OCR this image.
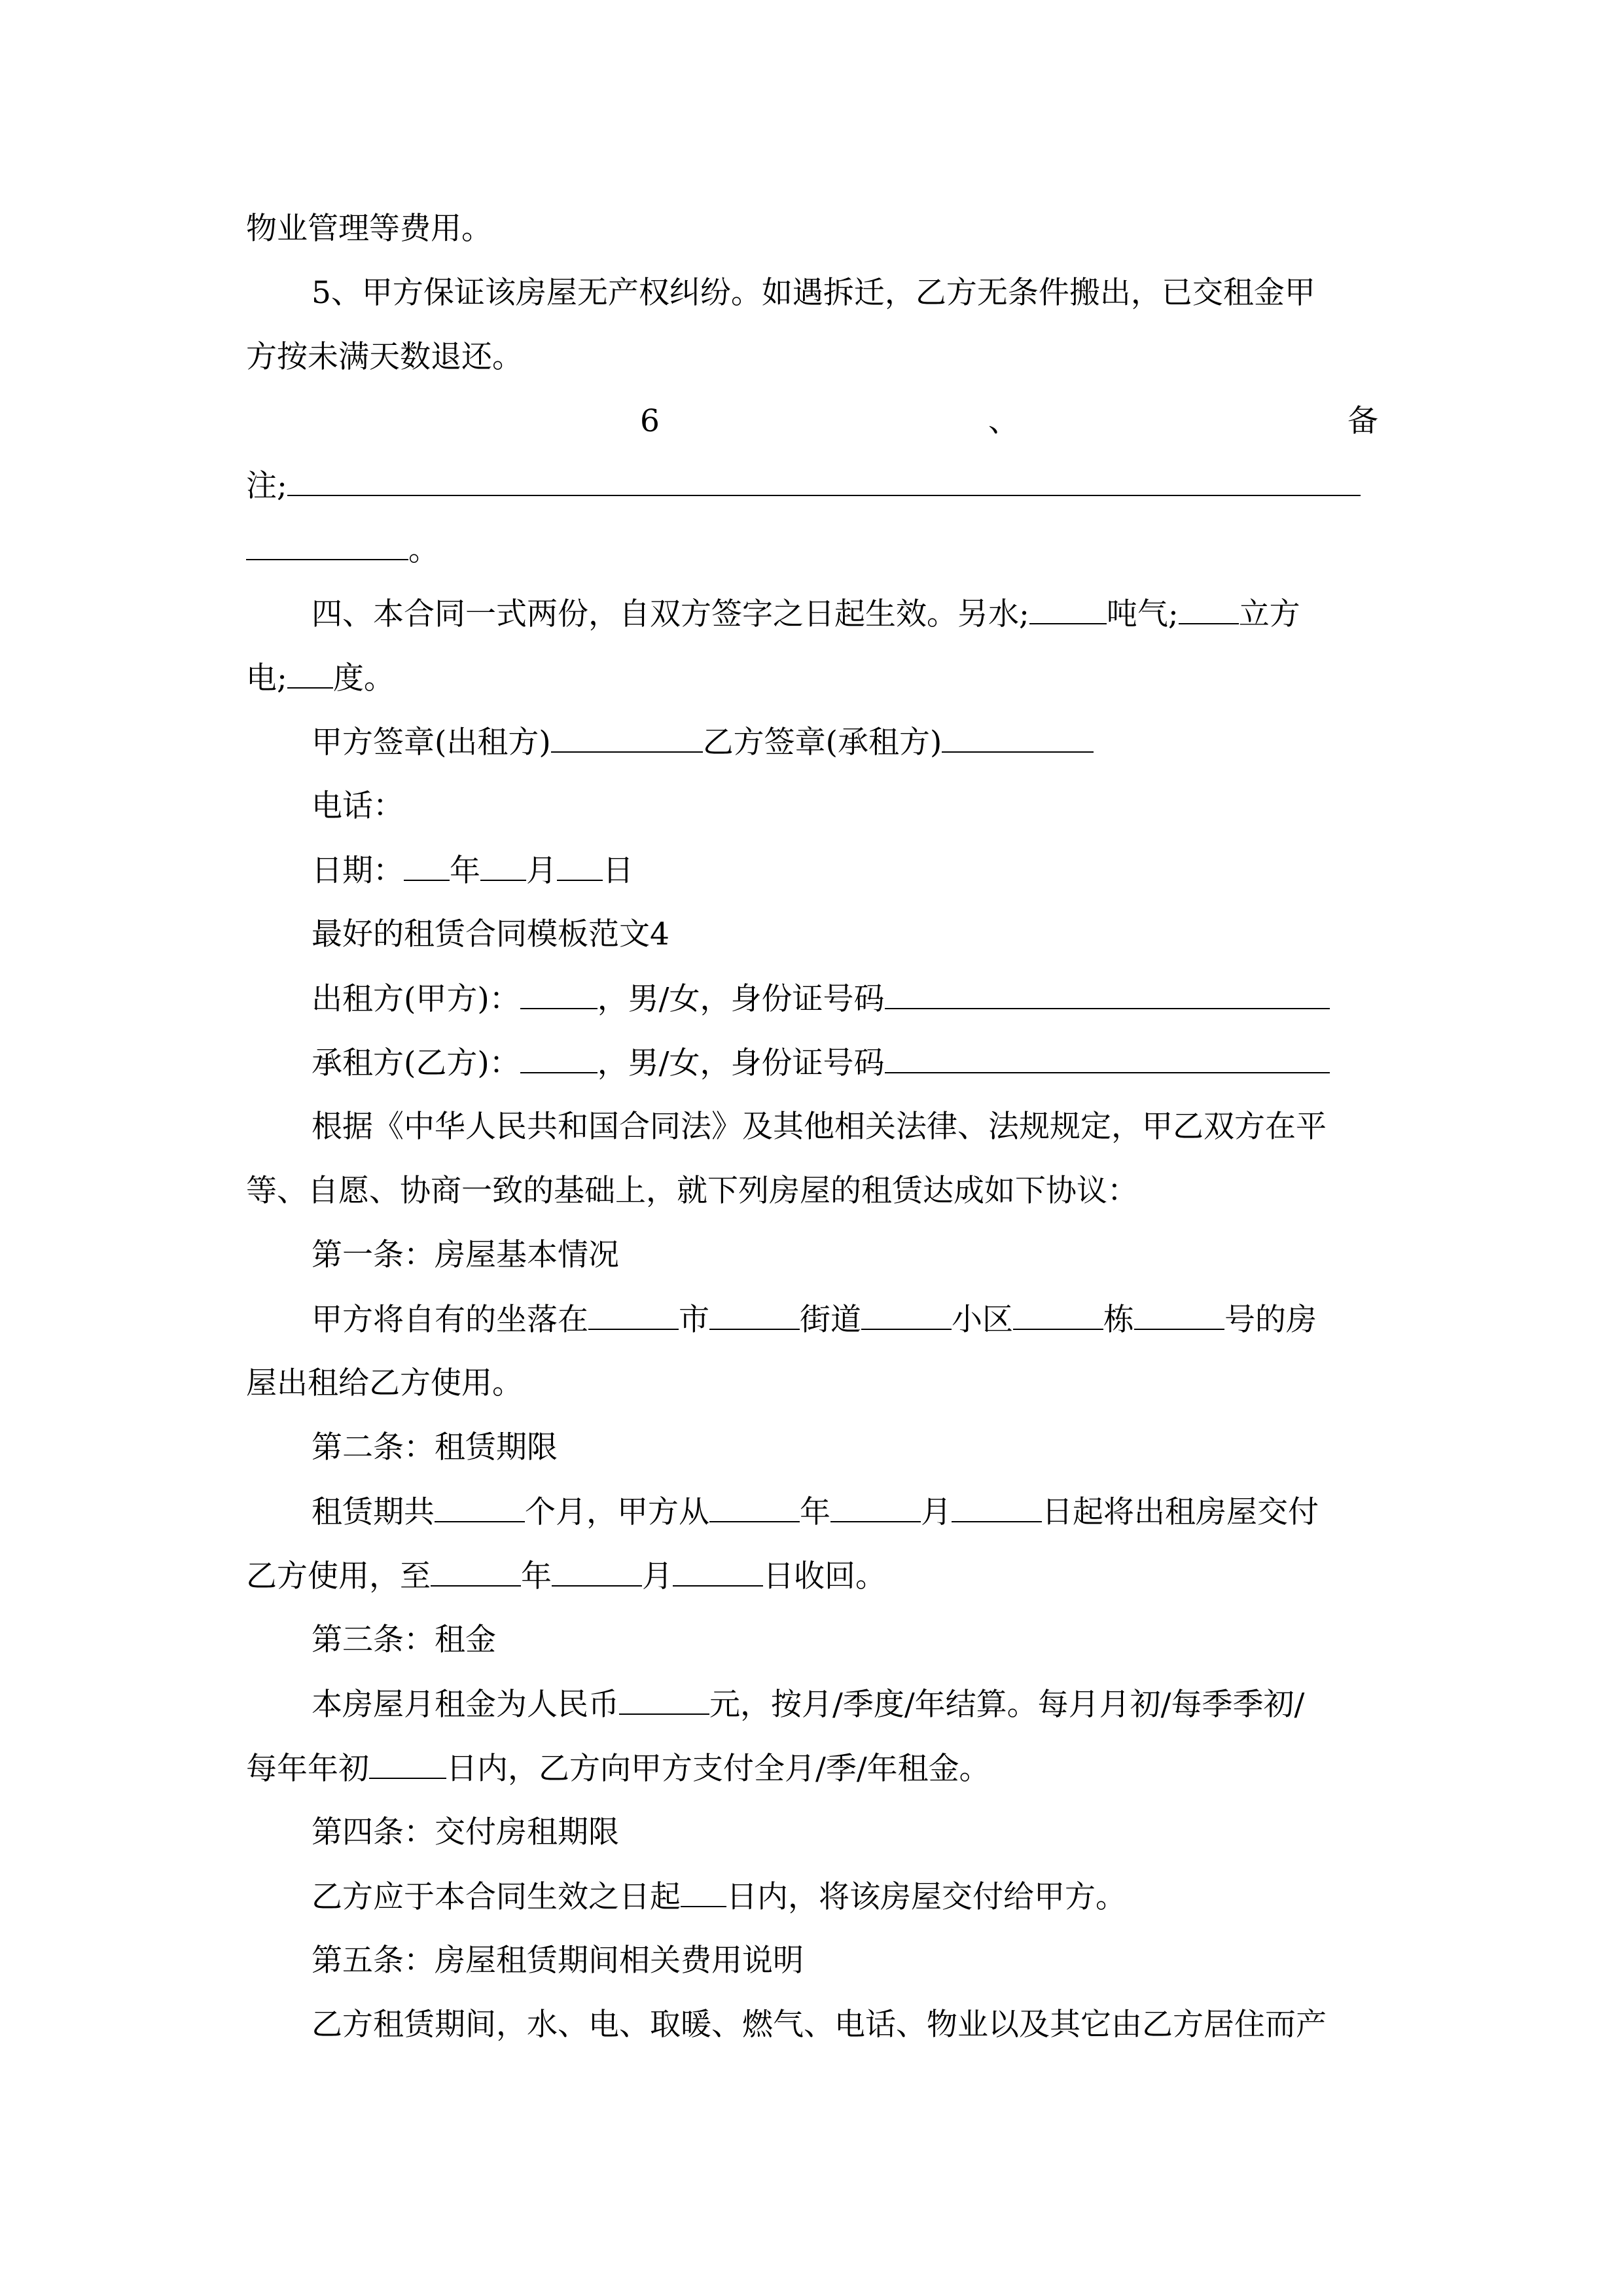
物业管理等费用。
5、甲方保证该房屋无产权纠纷。如遇拆迁，乙方无条件搬出，已交租金甲
方按未满天数退还。
6	、	备
注;
。
四、本合同一式两份，自双方签字之日起生效。另水;	吨气; 立方
电; 度。
甲方签章(出租方)	乙方签章(承租方)
电话：
日期： 年 月 日
最好的租赁合同模板范文4
出租方(甲方)：	，男/女，身份证号码
承租方(乙方)：	，男/女，身份证号码
根据《中华人民共和国合同法》及其他相关法律、法规规定，甲乙双方在平
等、自愿、协商一致的基础上，就下列房屋的租赁达成如下协议：
第一条：房屋基本情况
甲方将自有的坐落在	市	街道	小区	栋	号的房
屋出租给乙方使用。
第二条：租赁期限
租赁期共	个月，甲方从	年	月	日起将出租房屋交付
乙方使用，至	年	月	日收回。
第三条：租金
本房屋月租金为人民币	元，按月/季度/年结算。每月月初/每季季初/
每年年初	日内，乙方向甲方支付全月/季/年租金。
第四条：交付房租期限
乙方应于本合同生效之日起 日内，将该房屋交付给甲方。
第五条：房屋租赁期间相关费用说明
乙方租赁期间，水、电、取暖、燃气、电话、物业以及其它由乙方居住而产
